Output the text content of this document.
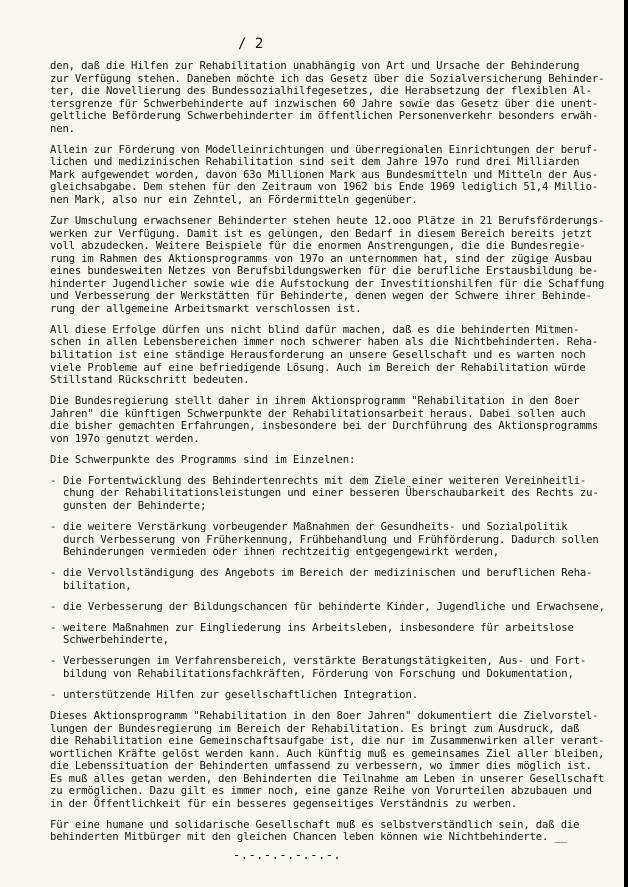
/ 2

den, daß die Hilfen zur Rehabilitation unabhängig von Art und Ursache der Behinderung
zur Verfügung stehen. Daneben möchte ich das Gesetz über die Sozialversicherung Behinder-
ter, die Novellierung des Bundessozialhilfegesetzes, die Herabsetzung der flexiblen Al-
tersgrenze für Schwerbehinderte auf inzwischen 60 Jahre sowie das Gesetz über die unent-
geltliche Beförderung Schwerbehinderter im öffentlichen Personenverkehr besonders erwäh-
nen.

Allein zur Förderung von Modelleinrichtungen und überregionalen Einrichtungen der beruf-
lichen und medizinischen Rehabilitation sind seit dem Jahre 197o rund drei Milliarden
Mark aufgewendet worden, davon 63o Millionen Mark aus Bundesmitteln und Mitteln der Aus-
gleichsabgabe. Dem stehen für den Zeitraum von 1962 bis Ende 1969 lediglich 51,4 Millio-
nen Mark, also nur ein Zehntel, an Fördermitteln gegenüber.

Zur Umschulung erwachsener Behinderter stehen heute 12.ooo Plätze in 21 Berufsförderungs-
werken zur Verfügung. Damit ist es gelungen, den Bedarf in diesem Bereich bereits jetzt
voll abzudecken. Weitere Beispiele für die enormen Anstrengungen, die die Bundesregie-
rung im Rahmen des Aktionsprogramms von 197o an unternommen hat, sind der zügige Ausbau
eines bundesweiten Netzes von Berufsbildungswerken für die berufliche Erstausbildung be-
hinderter Jugendlicher sowie wie die Aufstockung der Investitionshilfen für die Schaffung
und Verbesserung der Werkstätten für Behinderte, denen wegen der Schwere ihrer Behinde-
rung der allgemeine Arbeitsmarkt verschlossen ist.

All diese Erfolge dürfen uns nicht blind dafür machen, daß es die behinderten Mitmen-
schen in allen Lebensbereichen immer noch schwerer haben als die Nichtbehinderten. Reha-
bilitation ist eine ständige Herausforderung an unsere Gesellschaft und es warten noch
viele Probleme auf eine befriedigende Lösung. Auch im Bereich der Rehabilitation würde
Stillstand Rückschritt bedeuten.

Die Bundesregierung stellt daher in ihrem Aktionsprogramm "Rehabilitation in den 8oer
Jahren" die künftigen Schwerpunkte der Rehabilitationsarbeit heraus. Dabei sollen auch
die bisher gemachten Erfahrungen, insbesondere bei der Durchführung des Aktionsprogramms
von 197o genutzt werden.

Die Schwerpunkte des Programms sind im Einzelnen:

- Die Fortentwicklung des Behindertenrechts mit dem Ziele einer weiteren Vereinheitli-
chung der Rehabilitationsleistungen und einer besseren Überschaubarkeit des Rechts zu-
gunsten der Behinderte;
- die weitere Verstärkung vorbeugender Maßnahmen der Gesundheits- und Sozialpolitik
durch Verbesserung von Früherkennung, Frühbehandlung und Frühförderung. Dadurch sollen
Behinderungen vermieden oder ihnen rechtzeitig entgegengewirkt werden,
- die Vervollständigung des Angebots im Bereich der medizinischen und beruflichen Reha-
bilitation,
- die Verbesserung der Bildungschancen für behinderte Kinder, Jugendliche und Erwachsene,
- weitere Maßnahmen zur Eingliederung ins Arbeitsleben, insbesondere für arbeitslose
Schwerbehinderte,
- Verbesserungen im Verfahrensbereich, verstärkte Beratungstätigkeiten, Aus- und Fort-
bildung von Rehabilitationsfachkräften, Förderung von Forschung und Dokumentation,
- unterstützende Hilfen zur gesellschaftlichen Integration.

Dieses Aktionsprogramm "Rehabilitation in den 8oer Jahren" dokumentiert die Zielvorstel-
lungen der Bundesregierung im Bereich der Rehabilitation. Es bringt zum Ausdruck, daß
die Rehabilitation eine Gemeinschaftsaufgabe ist, die nur im Zusammenwirken aller verant-
wortlichen Kräfte gelöst werden kann. Auch künftig muß es gemeinsames Ziel aller bleiben,
die Lebenssituation der Behinderten umfassend zu verbessern, wo immer dies möglich ist.
Es muß alles getan werden, den Behinderten die Teilnahme am Leben in unserer Gesellschaft
zu ermöglichen. Dazu gilt es immer noch, eine ganze Reihe von Vorurteilen abzubauen und
in der Öffentlichkeit für ein besseres gegenseitiges Verständnis zu werben.

Für eine humane und solidarische Gesellschaft muß es selbstverständlich sein, daß die
behinderten Mitbürger mit den gleichen Chancen leben können wie Nichtbehinderte. __

-.-.-.-.-.-.-.
